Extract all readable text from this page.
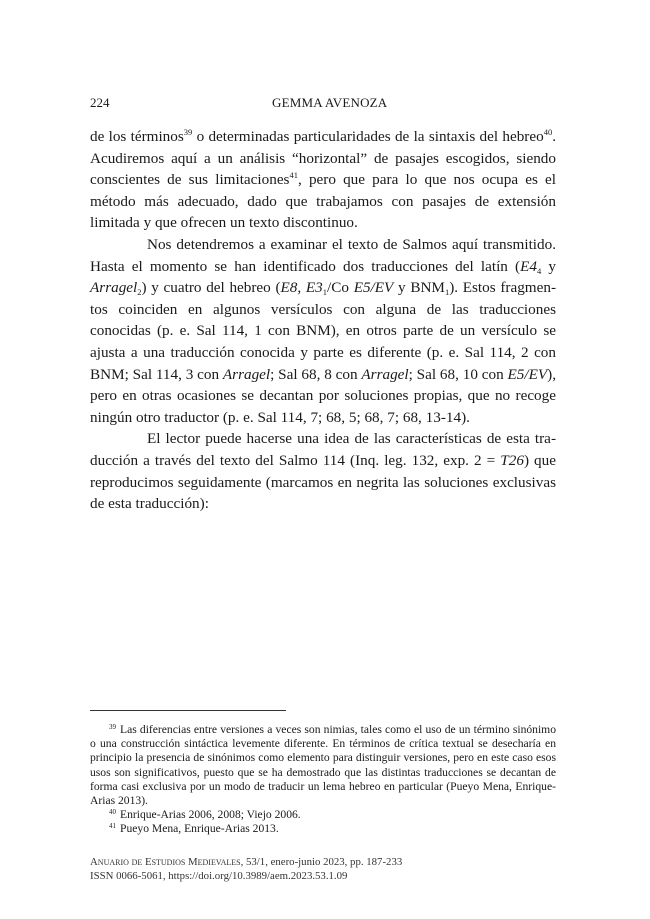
224	GEMMA AVENOZA

de los términos$^{39}$ o determinadas particularidades de la sintaxis del hebreo$^{40}$. Acudiremos aquí a un análisis “horizontal” de pasajes escogidos, siendo conscientes de sus limitaciones$^{41}$, pero que para lo que nos ocupa es el método más adecuado, dado que trabajamos con pasajes de extensión limitada y que ofrecen un texto discontinuo.

Nos detendremos a examinar el texto de Salmos aquí transmitido. Hasta el momento se han identificado dos traducciones del latín ($E4_4$ y Arragel$_2$) y cuatro del hebreo (E8, $E3_1/Co$ E5/EV y $BNM_1$). Estos fragmentos coinciden en algunos versículos con alguna de las traducciones conocidas (p. e. Sal 114, 1 con BNM), en otros parte de un versículo se ajusta a una traducción conocida y parte es diferente (p. e. Sal 114, 2 con BNM; Sal 114, 3 con Arragel; Sal 68, 8 con Arragel; Sal 68, 10 con E5/EV), pero en otras ocasiones se decantan por soluciones propias, que no recoge ningún otro traductor (p. e. Sal 114, 7; 68, 5; 68, 7; 68, 13-14).

El lector puede hacerse una idea de las características de esta traducción a través del texto del Salmo 114 (Inq. leg. 132, exp. 2 = T26) que reproducimos seguidamente (marcamos en negrita las soluciones exclusivas de esta traducción):

$^{39}$ Las diferencias entre versiones a veces son nimias, tales como el uso de un término sinónimo o una construcción sintáctica levemente diferente. En términos de crítica textual se desecharía en principio la presencia de sinónimos como elemento para distinguir versiones, pero en este caso esos usos son significativos, puesto que se ha demostrado que las distintas traducciones se decantan de forma casi exclusiva por un modo de traducir un lema hebreo en particular (Pueyo Mena, Enrique-Arias 2013).

$^{40}$ Enrique-Arias 2006, 2008; Viejo 2006.

$^{41}$ Pueyo Mena, Enrique-Arias 2013.

Anuario de Estudios Medievales, 53/1, enero-junio 2023, pp. 187-233
ISSN 0066-5061, https://doi.org/10.3989/aem.2023.53.1.09
